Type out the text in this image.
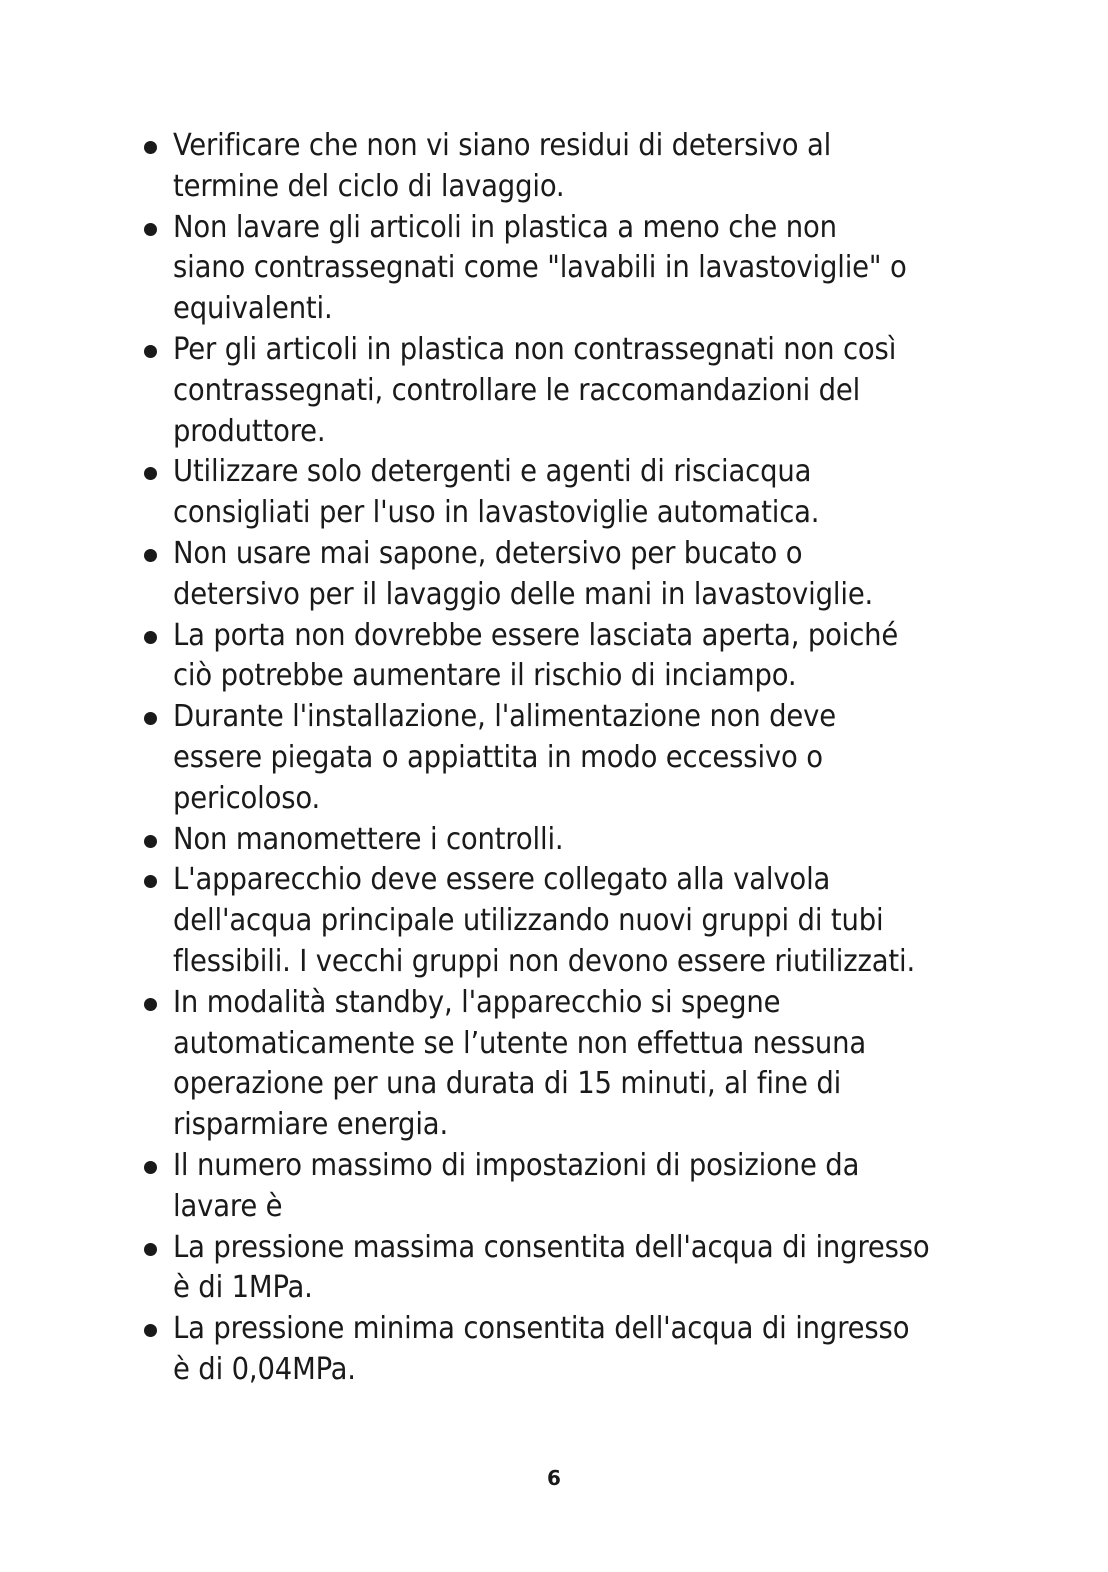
Verificare che non vi siano residui di detersivo al
termine del ciclo di lavaggio.
Non lavare gli articoli in plastica a meno che non
siano contrassegnati come "lavabili in lavastoviglie" o
equivalenti.
Per gli articoli in plastica non contrassegnati non così
contrassegnati, controllare le raccomandazioni del
produttore.
Utilizzare solo detergenti e agenti di risciacqua
consigliati per l'uso in lavastoviglie automatica.
Non usare mai sapone, detersivo per bucato o
detersivo per il lavaggio delle mani in lavastoviglie.
La porta non dovrebbe essere lasciata aperta, poiché
ciò potrebbe aumentare il rischio di inciampo.
Durante l'installazione, l'alimentazione non deve
essere piegata o appiattita in modo eccessivo o
pericoloso.
Non manomettere i controlli.
L'apparecchio deve essere collegato alla valvola
dell'acqua principale utilizzando nuovi gruppi di tubi
flessibili. I vecchi gruppi non devono essere riutilizzati.
In modalità standby, l'apparecchio si spegne
automaticamente se l’utente non effettua nessuna
operazione per una durata di 15 minuti, al fine di
risparmiare energia.
Il numero massimo di impostazioni di posizione da
lavare è
La pressione massima consentita dell'acqua di ingresso
è di 1MPa.
La pressione minima consentita dell'acqua di ingresso
è di 0,04MPa.
6
